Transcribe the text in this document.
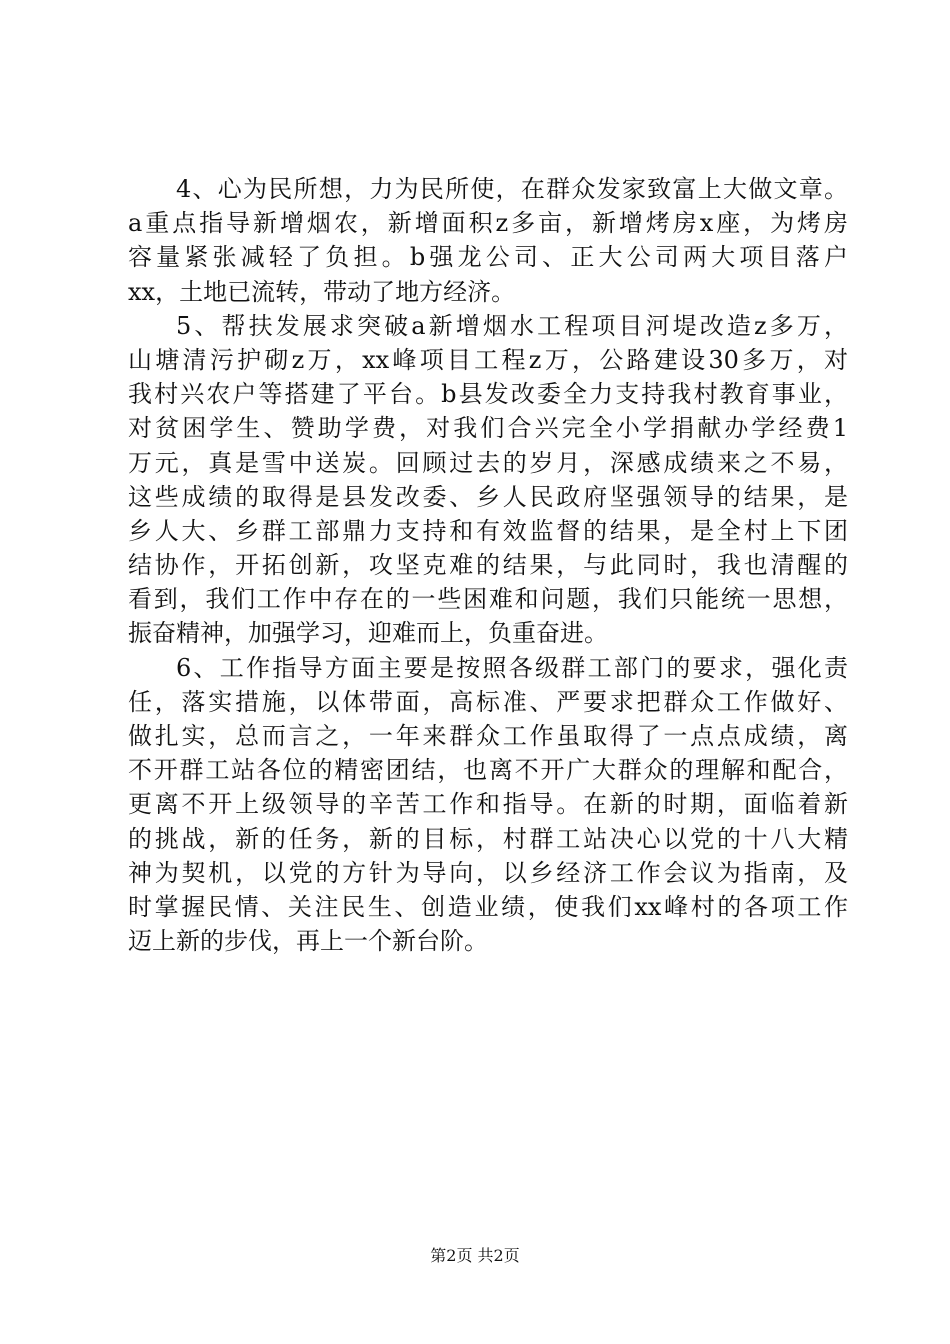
4、心为民所想，力为民所使，在群众发家致富上大做文章。
a重点指导新增烟农，新增面积z多亩，新增烤房x座，为烤房
容量紧张减轻了负担。b强龙公司、正大公司两大项目落户
xx，土地已流转，带动了地方经济。
5、帮扶发展求突破a新增烟水工程项目河堤改造z多万，
山塘清污护砌z万，xx峰项目工程z万，公路建设30多万，对
我村兴农户等搭建了平台。b县发改委全力支持我村教育事业，
对贫困学生、赞助学费，对我们合兴完全小学捐献办学经费1
万元，真是雪中送炭。回顾过去的岁月，深感成绩来之不易，
这些成绩的取得是县发改委、乡人民政府坚强领导的结果，是
乡人大、乡群工部鼎力支持和有效监督的结果，是全村上下团
结协作，开拓创新，攻坚克难的结果，与此同时，我也清醒的
看到，我们工作中存在的一些困难和问题，我们只能统一思想，
振奋精神，加强学习，迎难而上，负重奋进。
6、工作指导方面主要是按照各级群工部门的要求，强化责
任，落实措施，以体带面，高标准、严要求把群众工作做好、
做扎实，总而言之，一年来群众工作虽取得了一点点成绩，离
不开群工站各位的精密团结，也离不开广大群众的理解和配合，
更离不开上级领导的辛苦工作和指导。在新的时期，面临着新
的挑战，新的任务，新的目标，村群工站决心以党的十八大精
神为契机，以党的方针为导向，以乡经济工作会议为指南，及
时掌握民情、关注民生、创造业绩，使我们xx峰村的各项工作
迈上新的步伐，再上一个新台阶。
第2页 共2页
